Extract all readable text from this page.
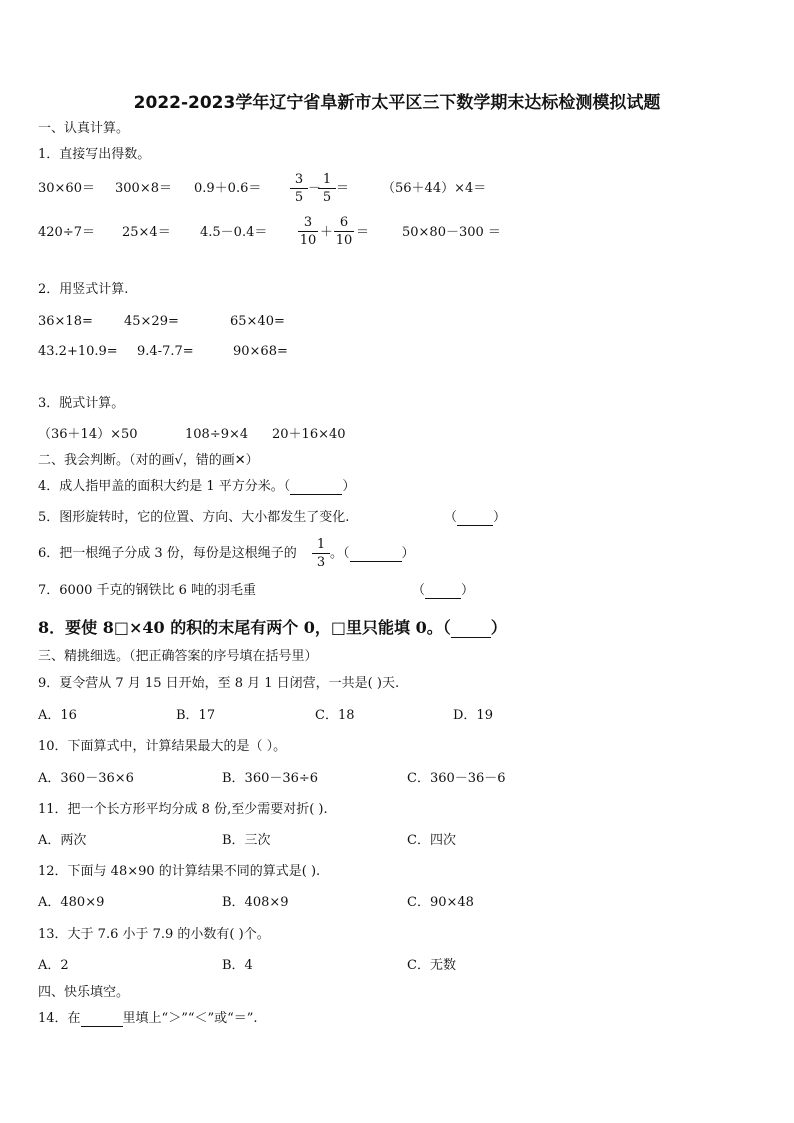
2022-2023学年辽宁省阜新市太平区三下数学期末达标检测模拟试题
一、认真计算。
1．直接写出得数。
30×60＝ 300×8＝ 0.9＋0.6＝
3
5
－
1
5
＝	（56＋44）×4＝
420÷7＝ 25×4＝ 4.5－0.4＝
3
10
＋
6
10
＝	50×80－300 ＝
2．用竖式计算.
36×18= 45×29=	65×40=
43.2+10.9= 9.4-7.7=	90×68=
3．脱式计算。
（36＋14）×50	108÷9×4 20＋16×40
二、我会判断。（对的画√，错的画✕）
4．成人指甲盖的面积大约是 1 平方分米。（	）
5．图形旋转时，它的位置、方向、大小都发生了变化.	（	）
6．把一根绳子分成 3 份，每份是这根绳子的
1
3
。（	）
7．6000 千克的钢铁比 6 吨的羽毛重	（	）
8．要使 8□×40 的积的末尾有两个 0，□里只能填 0。（	）
三、精挑细选。（把正确答案的序号填在括号里）
9．夏令营从 7 月 15 日开始，至 8 月 1 日闭营，一共是( )天.
A．16	B．17	C．18	D．19
10．下面算式中，计算结果最大的是（ ）。
A．360－36×6	B．360－36÷6	C．360－36－6
11．把一个长方形平均分成 8 份,至少需要对折( ).
A．两次	B．三次	C．四次
12．下面与 48×90 的计算结果不同的算式是( ).
A．480×9	B．408×9	C．90×48
13．大于 7.6 小于 7.9 的小数有( )个。
A．2	B．4	C．无数
四、快乐填空。
14．在	里填上“＞”“＜”或“＝”.
